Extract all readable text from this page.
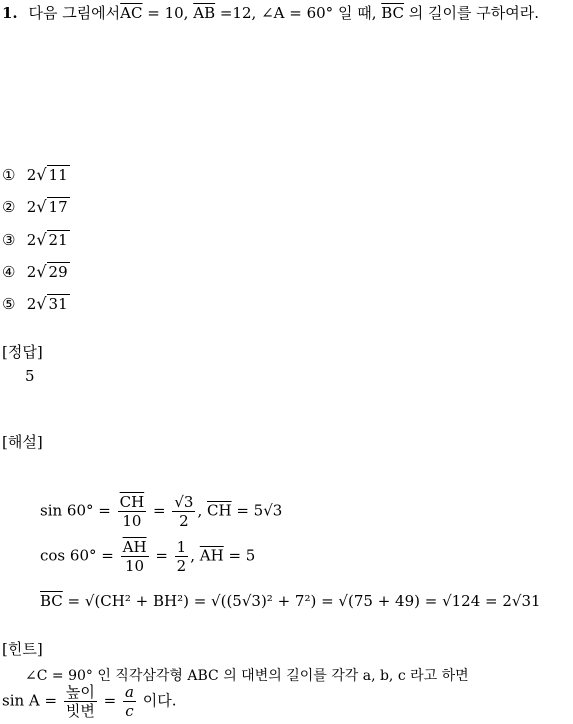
1. 다음 그림에서$\overline{AC} = 10$, $\overline{AB} =12$, ∠A = 60° 일 때, $\overline{BC}$ 의 길이를 구하여라.
① 2√ 11
② 2√ 17
③ 2√ 21
④ 2√ 29
⑤ 2√ 31
[정답]
5
[해설]
$\sin 60^\circ = \frac{\overline{CH}}{10} = \frac{√3}{2}$ , $\overline{CH} = 5√3$
$\cos 60^\circ = \frac{\overline{AH}}{10} = \frac{1}{2}$ , $\overline{AH} = 5$
$\overline{BC} = √(CH^2 + BH^2) = √((5√3)^2 + 7^2) = √(75 + 49) = √124 = 2√31$
[힌트]
∠C = 90° 인 직각삼각형 ABC 의 대변의 길이를 각각 a, b, c 라고 하면
$\sin A = \frac{\text{높이}}{\text{빗변}} = \frac{a}{c}$ 이다.
